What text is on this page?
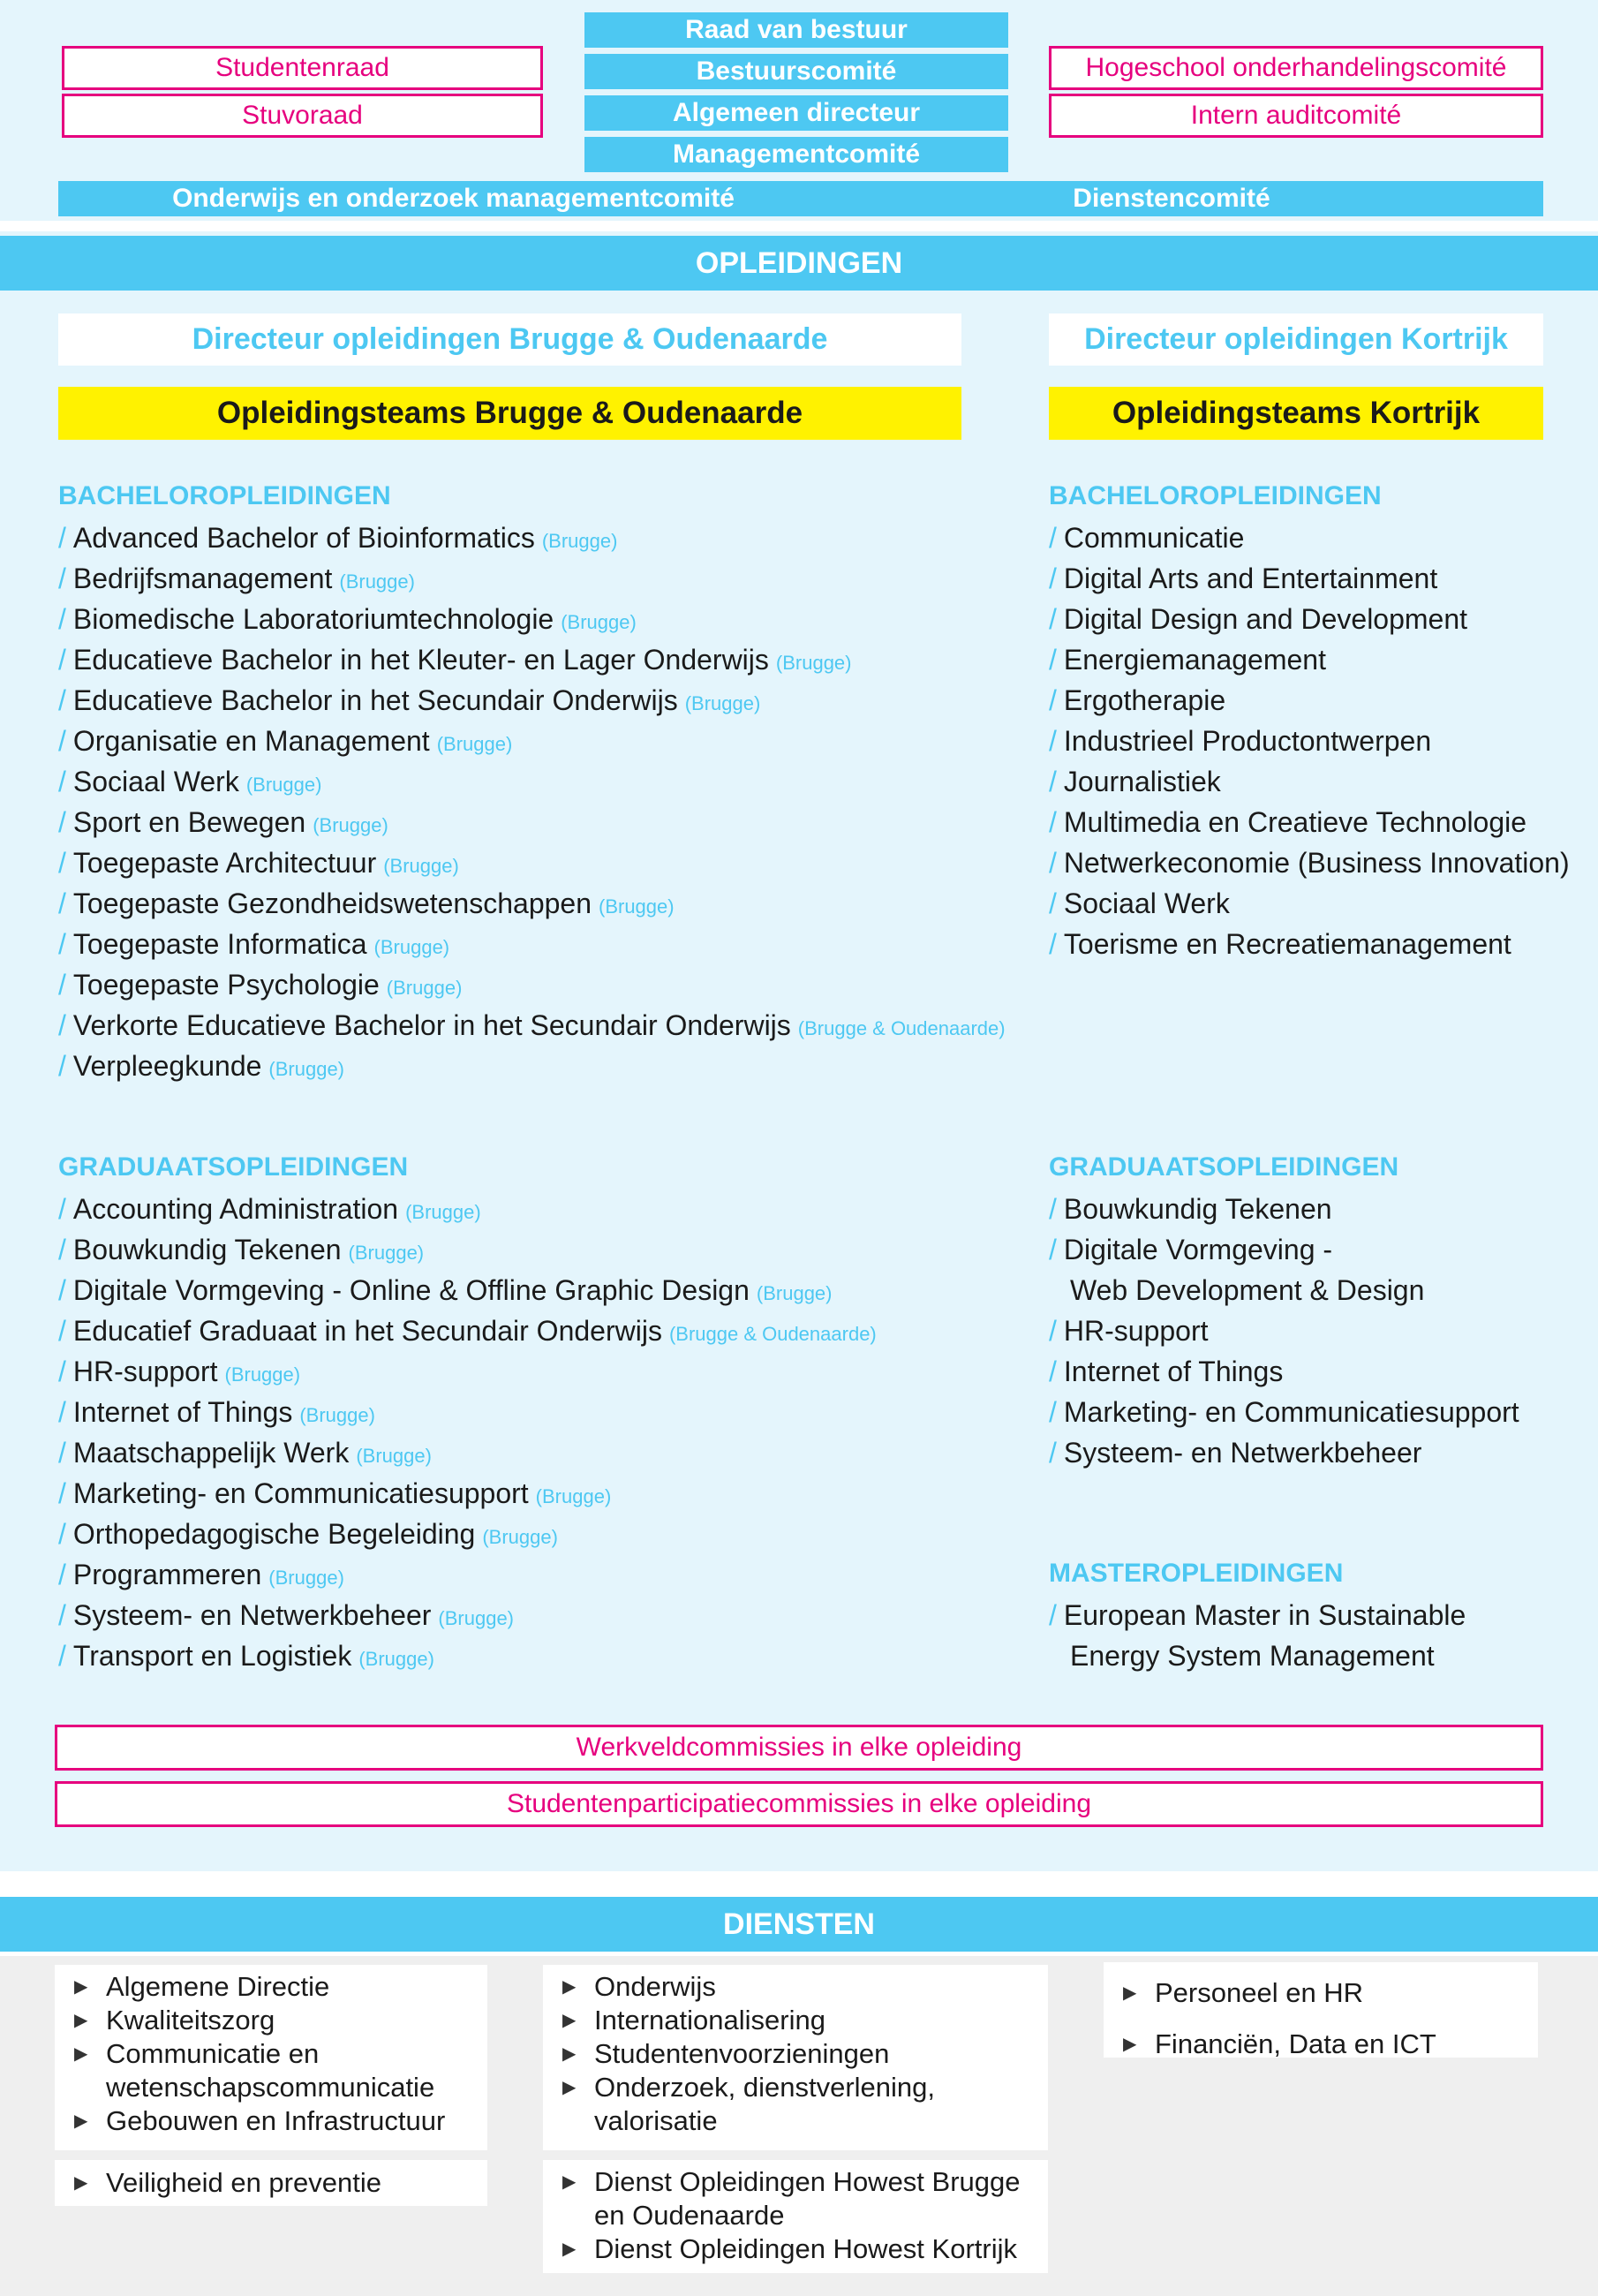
Raad van bestuur
Bestuurscomité
Algemeen directeur
Managementcomité
Studentenraad
Stuvoraad
Hogeschool onderhandelingscomité
Intern auditcomité
Onderwijs en onderzoek managementcomité	Dienstencomité
OPLEIDINGEN
Directeur opleidingen Brugge & Oudenaarde	Directeur opleidingen Kortrijk
Opleidingsteams Brugge & Oudenaarde	Opleidingsteams Kortrijk
BACHELOROPLEIDINGEN
/ Advanced Bachelor of Bioinformatics (Brugge)
/ Bedrijfsmanagement (Brugge)
/ Biomedische Laboratoriumtechnologie (Brugge)
/ Educatieve Bachelor in het Kleuter- en Lager Onderwijs (Brugge)
/ Educatieve Bachelor in het Secundair Onderwijs (Brugge)
/ Organisatie en Management (Brugge)
/ Sociaal Werk (Brugge)
/ Sport en Bewegen (Brugge)
/ Toegepaste Architectuur (Brugge)
/ Toegepaste Gezondheidswetenschappen (Brugge)
/ Toegepaste Informatica (Brugge)
/ Toegepaste Psychologie (Brugge)
/ Verkorte Educatieve Bachelor in het Secundair Onderwijs (Brugge & Oudenaarde)
/ Verpleegkunde (Brugge)
GRADUAATSOPLEIDINGEN
/ Accounting Administration (Brugge)
/ Bouwkundig Tekenen (Brugge)
/ Digitale Vormgeving - Online & Offline Graphic Design (Brugge)
/ Educatief Graduaat in het Secundair Onderwijs (Brugge & Oudenaarde)
/ HR-support (Brugge)
/ Internet of Things (Brugge)
/ Maatschappelijk Werk (Brugge)
/ Marketing- en Communicatiesupport (Brugge)
/ Orthopedagogische Begeleiding (Brugge)
/ Programmeren (Brugge)
/ Systeem- en Netwerkbeheer (Brugge)
/ Transport en Logistiek (Brugge)
BACHELOROPLEIDINGEN
/ Communicatie
/ Digital Arts and Entertainment
/ Digital Design and Development
/ Energiemanagement
/ Ergotherapie
/ Industrieel Productontwerpen
/ Journalistiek
/ Multimedia en Creatieve Technologie
/ Netwerkeconomie (Business Innovation)
/ Sociaal Werk
/ Toerisme en Recreatiemanagement
GRADUAATSOPLEIDINGEN
/ Bouwkundig Tekenen
/ Digitale Vormgeving -
Web Development & Design
/ HR-support
/ Internet of Things
/ Marketing- en Communicatiesupport
/ Systeem- en Netwerkbeheer
MASTEROPLEIDINGEN
/ European Master in Sustainable
Energy System Management
Werkveldcommissies in elke opleiding
Studentenparticipatiecommissies in elke opleiding
DIENSTEN
▶ Algemene Directie
▶ Kwaliteitszorg
▶ Communicatie en
wetenschapscommunicatie
▶ Gebouwen en Infrastructuur
▶ Veiligheid en preventie
▶ Onderwijs
▶ Internationalisering
▶ Studentenvoorzieningen
▶ Onderzoek, dienstverlening,
valorisatie
▶ Dienst Opleidingen Howest Brugge
en Oudenaarde
▶ Dienst Opleidingen Howest Kortrijk
▶ Personeel en HR
▶ Financiën, Data en ICT
